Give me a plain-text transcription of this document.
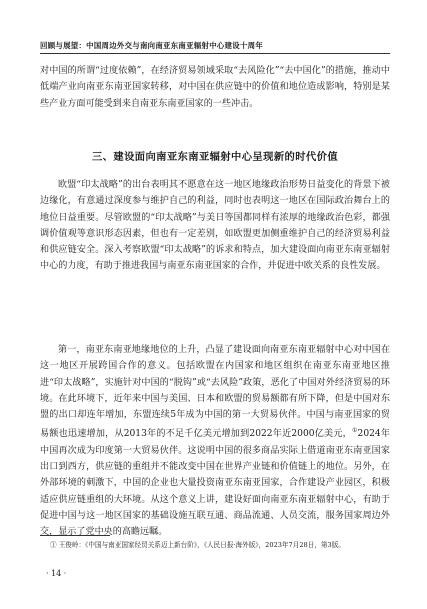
回顾与展望：中国周边外交与南向南亚东南亚辐射中心建设十周年

对中国的所谓“过度依赖”，在经济贸易领域采取“去风险化”“去中国化”的措施，推动中低端产业向南亚东南亚国家转移，对中国在供应链中的价值和地位造成影响，特别是某些产业方面可能受到来自南亚东南亚国家的一些冲击。

三、建设面向南亚东南亚辐射中心呈现新的时代价值

欧盟“印太战略”的出台表明其不愿意在这一地区地缘政治形势日益变化的背景下被边缘化，有意通过深度参与维护自己的利益，同时也表明这一地区在国际政治舞台上的地位日益重要。尽管欧盟的“印太战略”与美日等国都同样有浓厚的地缘政治色彩，都强调价值观等意识形态因素，但也有一定差别，如欧盟更加侧重维护自己的经济贸易利益和供应链安全。深入考察欧盟“印太战略”的诉求和特点，加大建设面向南亚东南亚辐射中心的力度，有助于推进我国与南亚东南亚国家的合作，并促进中欧关系的良性发展。

第一，南亚东南亚地缘地位的上升，凸显了建设面向南亚东南亚辐射中心对中国在这一地区开展跨国合作的意义。包括欧盟在内国家和地区组织在南亚东南亚地区推进“印太战略”，实施针对中国的“脱钩”或“去风险”政策，恶化了中国对外经济贸易的环境。在此环境下，近年来中国与美国、日本和欧盟的贸易额都有所下降，但是中国对东盟的出口却连年增加，东盟连续5年成为中国的第一大贸易伙伴。中国与南亚国家的贸易额也迅速增加，从2013年的不足千亿美元增加到2022年近2000亿美元，①2024年中国再次成为印度第一大贸易伙伴。这说明中国的很多商品实际上借道南亚东南亚国家出口到西方，供应链的重组并不能改变中国在世界产业链和价值链上的地位。另外，在外部环境的刺激下，中国的企业也大量投资南亚东南亚国家，合作建设产业园区，积极适应供应链重组的大环境。从这个意义上讲，建设好面向南亚东南亚辐射中心，有助于促进中国与这一地区国家的基础设施互联互通、商品流通、人员交流，服务国家周边外交，显示了党中央的高瞻远瞩。

① 王俊岭：《中国与南亚国家经贸关系迈上新台阶》，《人民日报·海外版》，2023年7月28日，第3版。

· 14 ·
